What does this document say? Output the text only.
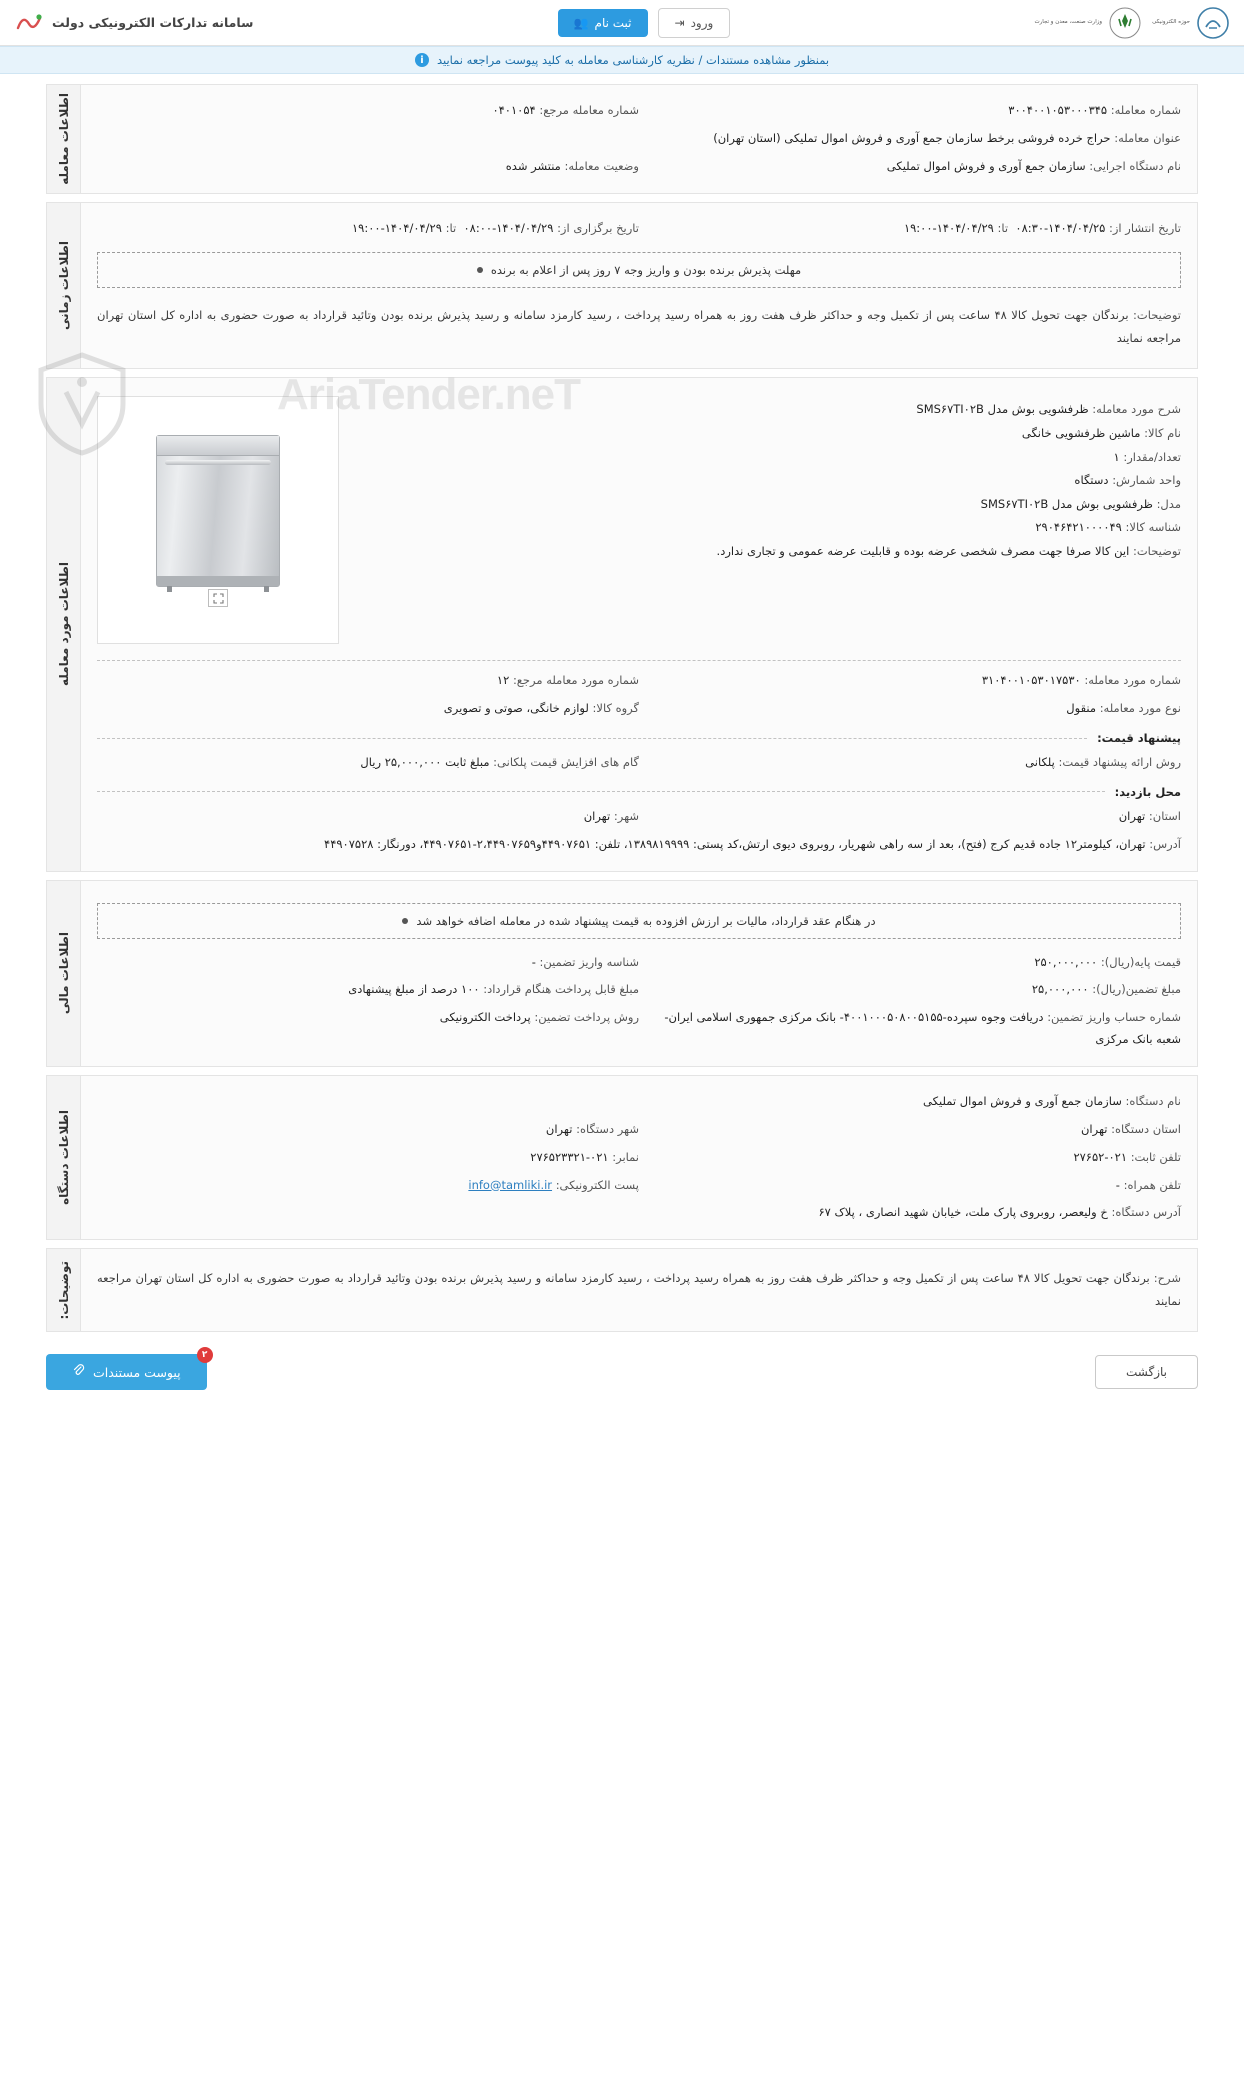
حوزه الکترونیکی
وزارت صنعت، معدن و تجارت
ورود
⇥
ثبت نام
👥
سامانه تدارکات الکترونیکی دولت
بمنظور مشاهده مستندات / نظریه کارشناسی معامله به کلید پیوست مراجعه نمایید
i
اطلاعات معامله	شماره معامله: ۳۰۰۴۰۰۱۰۵۳۰۰۰۳۴۵
شماره معامله مرجع: ۰۴۰۱۰۵۴
عنوان معامله: حراج خرده فروشی برخط سازمان جمع آوری و فروش اموال تملیکی (استان تهران)
نام دستگاه اجرایی: سازمان جمع آوری و فروش اموال تملیکی
وضعیت معامله: منتشر شده
اطلاعات زمانی
تاریخ انتشار از: ۱۴۰۴/۰۴/۲۵-۰۸:۳۰  تا: ۱۴۰۴/۰۴/۲۹-۱۹:۰۰
تاریخ برگزاری از: ۱۴۰۴/۰۴/۲۹-۰۸:۰۰  تا: ۱۴۰۴/۰۴/۲۹-۱۹:۰۰
مهلت پذیرش برنده بودن و واریز وجه ۷ روز پس از اعلام به برنده
توضیحات: برندگان جهت تحویل کالا ۴۸ ساعت پس از تکمیل وجه و حداکثر ظرف هفت روز به همراه رسید پرداخت ، رسید کارمزد سامانه و رسید پذیرش برنده بودن وتائید قرارداد به صورت حضوری به اداره کل استان تهران مراجعه نمایند
اطلاعات مورد معامله
شرح مورد معامله: ظرفشویی بوش مدل SMS۶۷TI۰۲B
نام کالا: ماشین ظرفشویی خانگی
تعداد/مقدار: ۱
واحد شمارش: دستگاه
مدل: ظرفشویی بوش مدل SMS۶۷TI۰۲B
شناسه کالا: ۲۹۰۴۶۴۲۱۰۰۰۰۴۹
توضیحات: این کالا صرفا جهت مصرف شخصی عرضه بوده و قابلیت عرضه عمومی و تجاری ندارد.
AriaTender.neT
شماره مورد معامله: ۳۱۰۴۰۰۱۰۵۳۰۱۷۵۳۰
شماره مورد معامله مرجع: ۱۲
نوع مورد معامله: منقول
گروه کالا: لوازم خانگی، صوتی و تصویری
پیشنهاد قیمت:
روش ارائه پیشنهاد قیمت: پلکانی
گام های افزایش قیمت پلکانی: مبلغ ثابت ۲۵,۰۰۰,۰۰۰ ریال
محل بازدید:
استان: تهران
شهر: تهران
آدرس: تهران، کیلومتر۱۲ جاده قدیم کرج (فتح)، بعد از سه راهی شهریار، روبروی دیوی ارتش،کد پستی: ۱۳۸۹۸۱۹۹۹۹، تلفن: ۴۴۹۰۷۶۵۱و۲،۴۴۹۰۷۶۵۹-۴۴۹۰۷۶۵۱، دورنگار: ۴۴۹۰۷۵۲۸
اطلاعات مالی
در هنگام عقد قرارداد، مالیات بر ارزش افزوده به قیمت پیشنهاد شده در معامله اضافه خواهد شد
قیمت پایه(ریال): ۲۵۰,۰۰۰,۰۰۰
شناسه واریز تضمین: -
مبلغ تضمین(ریال): ۲۵,۰۰۰,۰۰۰
مبلغ قابل پرداخت هنگام قرارداد: ۱۰۰ درصد از مبلغ پیشنهادی
شماره حساب واریز تضمین: دریافت وجوه سپرده-۴۰۰۱۰۰۰۵۰۸۰۰۵۱۵۵- بانک مرکزی جمهوری اسلامی ایران- شعبه بانک مرکزی
روش پرداخت تضمین: پرداخت الکترونیکی
اطلاعات دستگاه
نام دستگاه: سازمان جمع آوری و فروش اموال تملیکی
استان دستگاه: تهران
شهر دستگاه: تهران
تلفن ثابت: ۰۲۱-۲۷۶۵۲
نمابر: ۰۲۱-۲۷۶۵۲۳۳۲۱
تلفن همراه: -
پست الکترونیکی: info@tamliki.ir
آدرس دستگاه: خ ولیعصر، روبروی پارک ملت، خیابان شهید انصاری ، پلاک ۶۷
توضیحات:	شرح: برندگان جهت تحویل کالا ۴۸ ساعت پس از تکمیل وجه و حداکثر ظرف هفت روز به همراه رسید پرداخت ، رسید کارمزد سامانه و رسید پذیرش برنده بودن وتائید قرارداد به صورت حضوری به اداره کل استان تهران مراجعه نمایند
بازگشت
۲
پیوست مستندات
